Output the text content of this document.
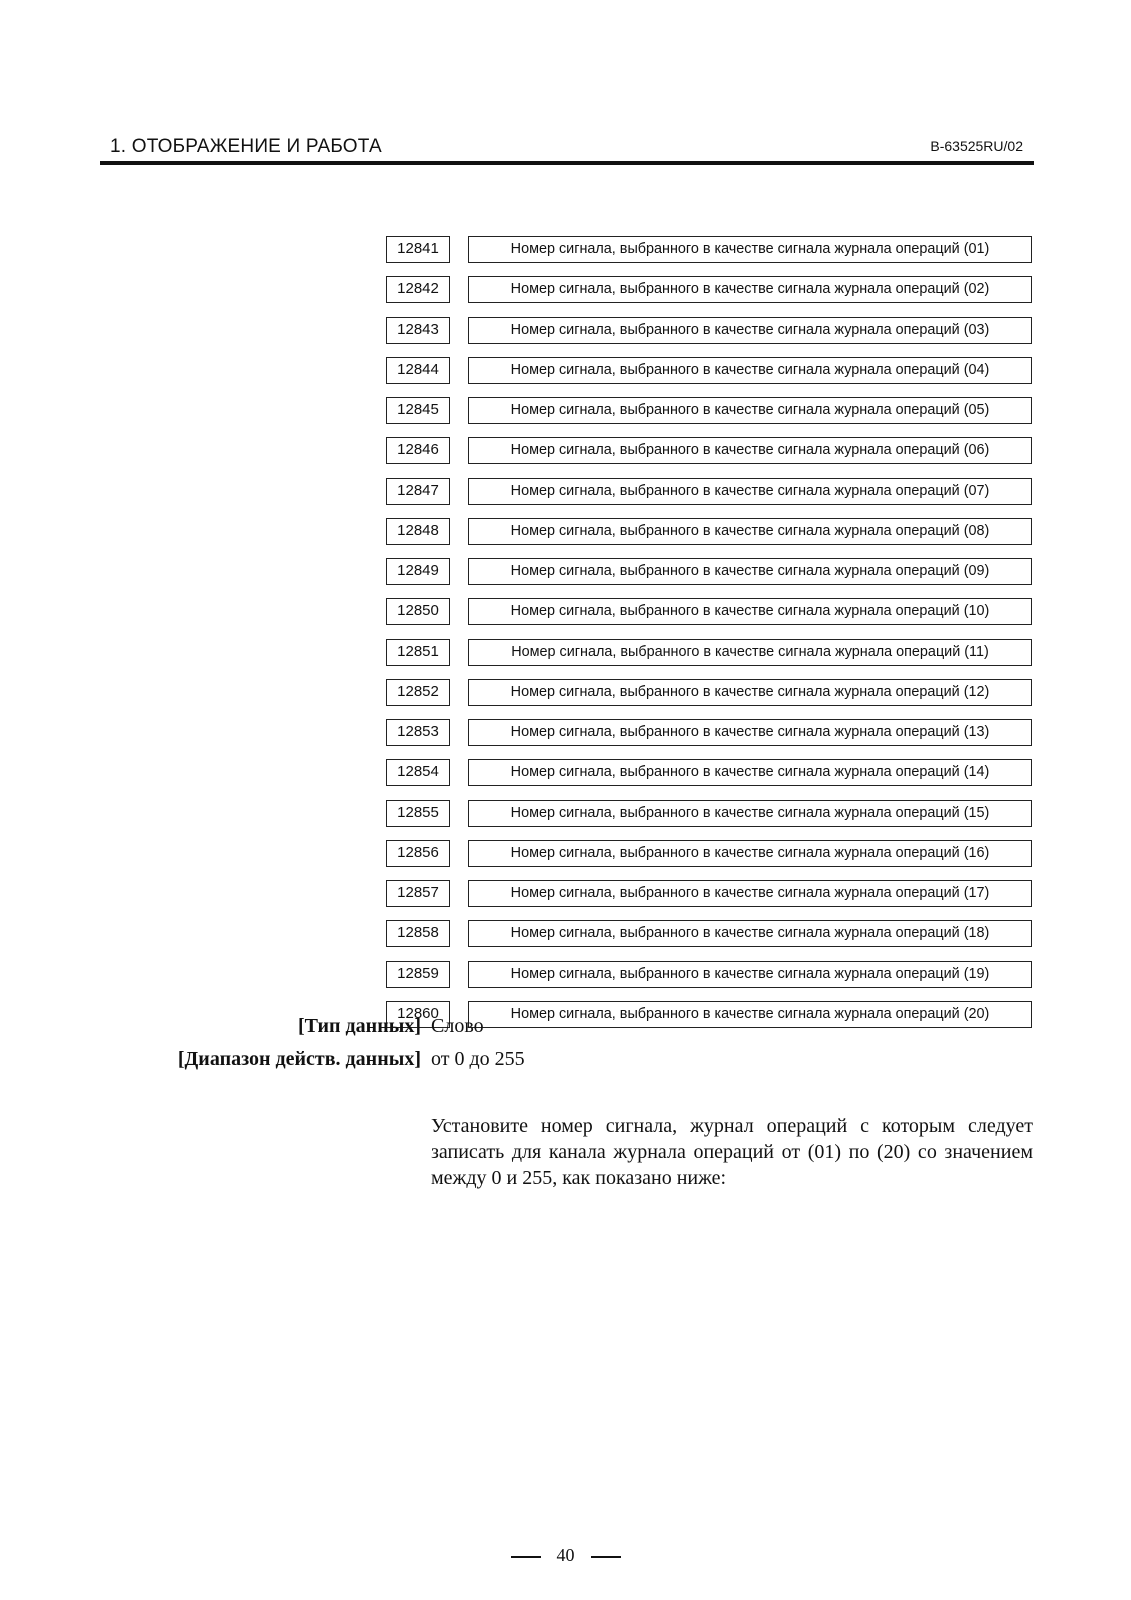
1. ОТОБРАЖЕНИЕ И РАБОТА	B-63525RU/02
12841	Номер сигнала, выбранного в качестве сигнала журнала операций (01)
12842	Номер сигнала, выбранного в качестве сигнала журнала операций (02)
12843	Номер сигнала, выбранного в качестве сигнала журнала операций (03)
12844	Номер сигнала, выбранного в качестве сигнала журнала операций (04)
12845	Номер сигнала, выбранного в качестве сигнала журнала операций (05)
12846	Номер сигнала, выбранного в качестве сигнала журнала операций (06)
12847	Номер сигнала, выбранного в качестве сигнала журнала операций (07)
12848	Номер сигнала, выбранного в качестве сигнала журнала операций (08)
12849	Номер сигнала, выбранного в качестве сигнала журнала операций (09)
12850	Номер сигнала, выбранного в качестве сигнала журнала операций (10)
12851	Номер сигнала, выбранного в качестве сигнала журнала операций (11)
12852	Номер сигнала, выбранного в качестве сигнала журнала операций (12)
12853	Номер сигнала, выбранного в качестве сигнала журнала операций (13)
12854	Номер сигнала, выбранного в качестве сигнала журнала операций (14)
12855	Номер сигнала, выбранного в качестве сигнала журнала операций (15)
12856	Номер сигнала, выбранного в качестве сигнала журнала операций (16)
12857	Номер сигнала, выбранного в качестве сигнала журнала операций (17)
12858	Номер сигнала, выбранного в качестве сигнала журнала операций (18)
12859	Номер сигнала, выбранного в качестве сигнала журнала операций (19)
12860	Номер сигнала, выбранного в качестве сигнала журнала операций (20)
[Тип данных] Слово
[Диапазон действ. данных] от 0 до 255
Установите номер сигнала, журнал операций с которым следует записать для канала журнала операций от (01) по (20) со значением между 0 и 255, как показано ниже:
40
